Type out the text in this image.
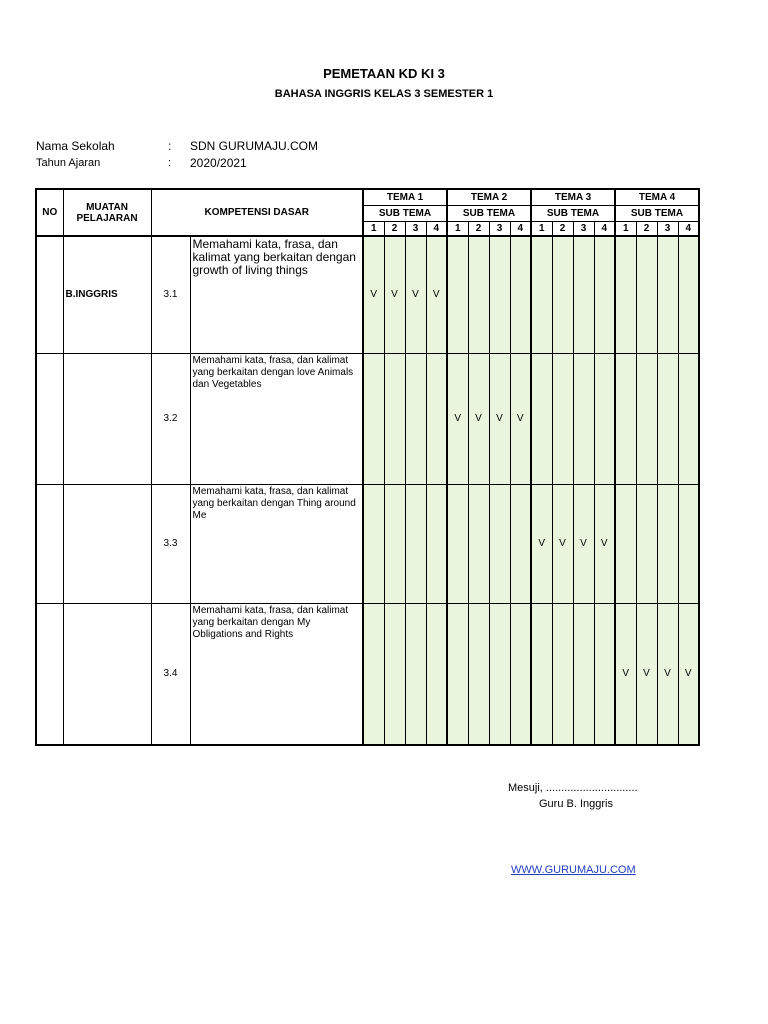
PEMETAAN KD KI 3
BAHASA INGGRIS KELAS 3 SEMESTER 1
Nama Sekolah	: SDN GURUMAJU.COM
Tahun Ajaran	: 2020/2021
NO	MUATAN PELAJARAN	KOMPETENSI DASAR		TEMA 1				TEMA 2				TEMA 3				TEMA 4			
				SUB TEMA				SUB TEMA				SUB TEMA				SUB TEMA			
				1	2	3	4	1	2	3	4	1	2	3	4	1	2	3	4
	B.INGGRIS	3.1	Memahami kata, frasa, dan kalimat yang berkaitan dengan growth of living things	V	V	V	V												
		3.2	Memahami kata, frasa, dan kalimat yang berkaitan dengan love Animals dan Vegetables					V	V	V	V								
		3.3	Memahami kata, frasa, dan kalimat yang berkaitan dengan Thing around Me									V	V	V	V				
		3.4	Memahami kata, frasa, dan kalimat yang berkaitan dengan My Obligations and Rights													V	V	V	V
Mesuji, ..............................
Guru B. Inggris
WWW.GURUMAJU.COM
